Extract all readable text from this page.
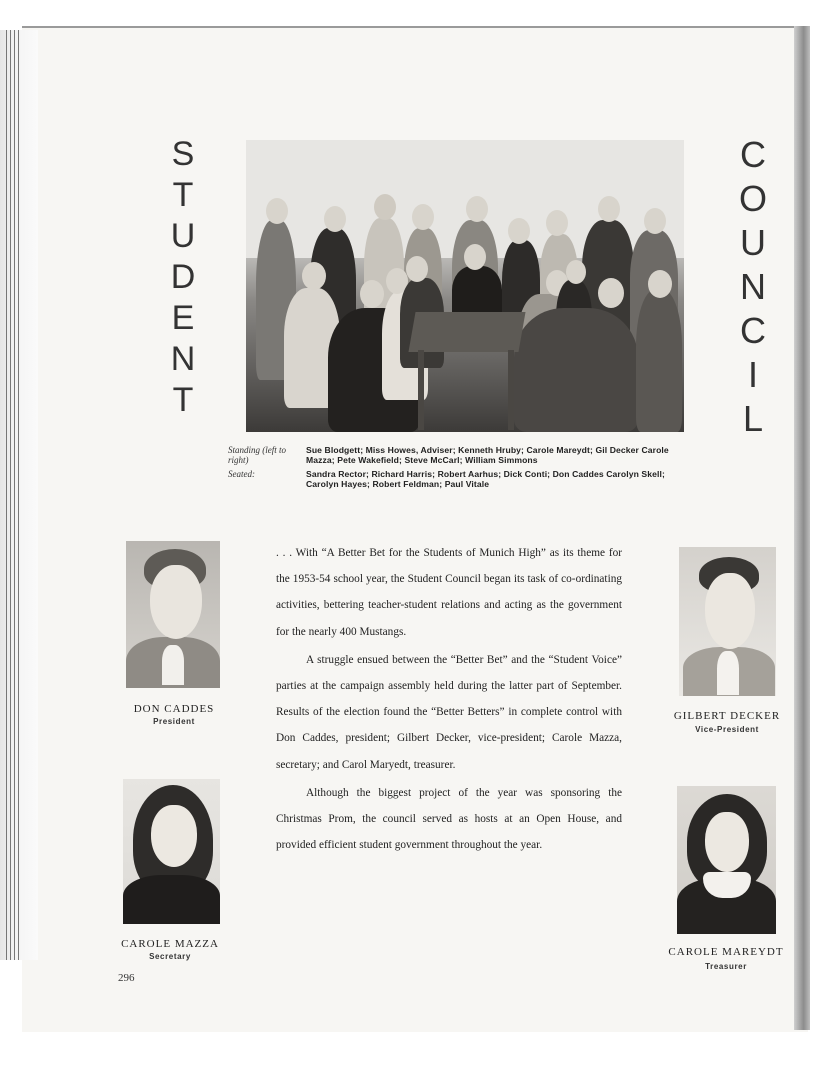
S
T
U
D
E
N
T
C
O
U
N
C
I
L
Standing (left to right)
Sue Blodgett; Miss Howes, Adviser; Kenneth Hruby; Carole Mareydt; Gil Decker Carole Mazza; Pete Wakefield; Steve McCarl; William Simmons
Seated:	Sandra Rector; Richard Harris; Robert Aarhus; Dick Conti; Don Caddes Carolyn Skell; Carolyn Hayes; Robert Feldman; Paul Vitale
DON CADDES
President	GILBERT DECKER
Vice-President
CAROLE MAZZA
Secretary	CAROLE MAREYDT
Treasurer

. . . With “A Better Bet for the Students of Munich High” as its theme for the 1953-54 school year, the Student Council began its task of co-ordinating activities, bettering teacher-student relations and acting as the government for the nearly 400 Mustangs.

A struggle ensued between the “Better Bet” and the “Student Voice” parties at the campaign assembly held during the latter part of September. Results of the election found the “Better Betters” in complete control with Don Caddes, president; Gilbert Decker, vice-president; Carole Mazza, secretary; and Carol Maryedt, treasurer.

Although the biggest project of the year was sponsoring the Christmas Prom, the council served as hosts at an Open House, and provided efficient student government throughout the year.

296
